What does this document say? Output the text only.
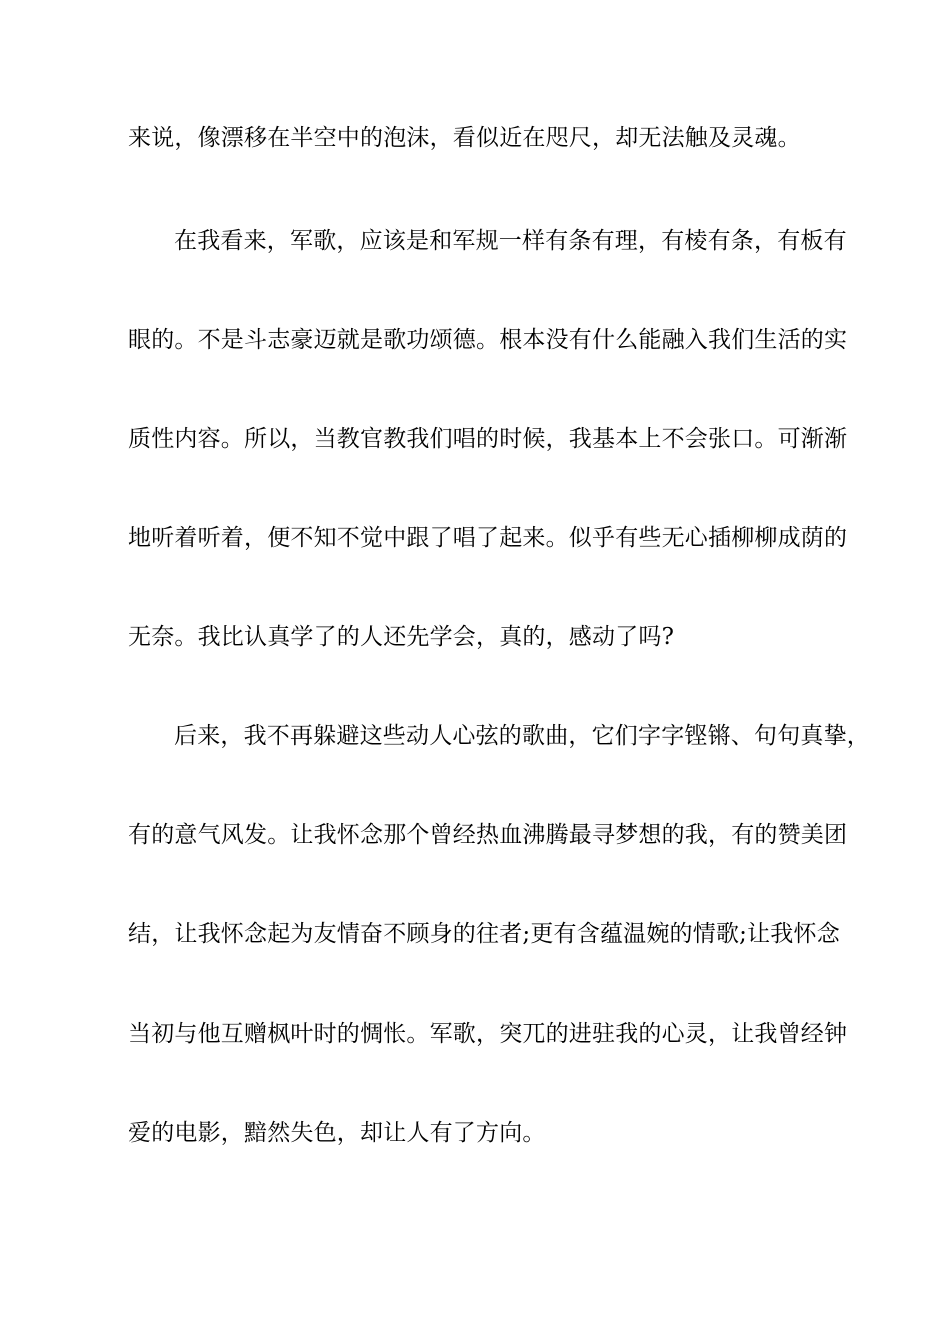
来说，像漂移在半空中的泡沫，看似近在咫尺，却无法触及灵魂。
在我看来，军歌，应该是和军规一样有条有理，有棱有条，有板有
眼的。不是斗志豪迈就是歌功颂德。根本没有什么能融入我们生活的实
质性内容。所以，当教官教我们唱的时候，我基本上不会张口。可渐渐
地听着听着，便不知不觉中跟了唱了起来。似乎有些无心插柳柳成荫的
无奈。我比认真学了的人还先学会，真的，感动了吗?
后来，我不再躲避这些动人心弦的歌曲，它们字字铿锵、句句真挚，
有的意气风发。让我怀念那个曾经热血沸腾最寻梦想的我，有的赞美团
结，让我怀念起为友情奋不顾身的往者;更有含蕴温婉的情歌;让我怀念
当初与他互赠枫叶时的惆怅。军歌，突兀的进驻我的心灵，让我曾经钟
爱的电影，黯然失色，却让人有了方向。
